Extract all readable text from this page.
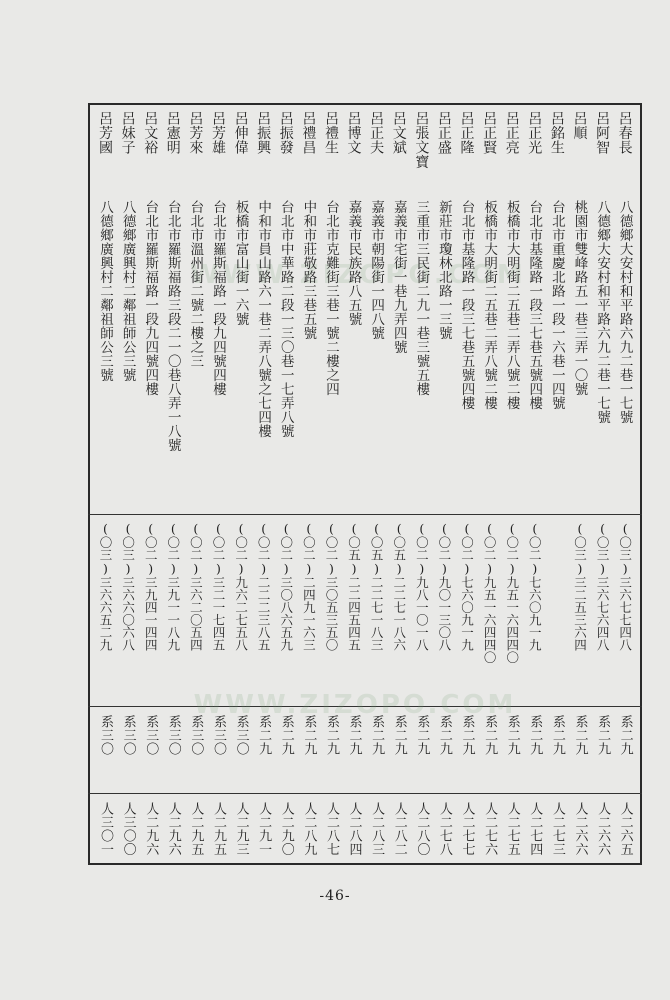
WWW.ZIZOPO.COM
WWW.ZIZOPO.COM
呂春長
八德鄉大安村和平路六九二巷一七號
(〇三)三六七七四八
系二九
人二六五
呂阿智
八德鄉大安村和平路六九二巷一七號
(〇三)三六七六四八
系二九
人二六六
呂順
桃園市雙峰路五一巷三弄一〇號
(〇三)三二五三六四
系二九
人二六六
呂銘生
台北市重慶北路一段一六巷一四號
系二九
人二七三
呂正光
台北市基隆路一段三七巷五號四樓
(〇二)七六〇九一九
系二九
人二七四
呂正亮
板橋市大明街二五巷二弄八號二樓
(〇二)九五一六四四〇
系二九
人二七五
呂正賢
板橋市大明街二五巷二弄八號二樓
(〇二)九五一六四四〇
系二九
人二七六
呂正隆
台北市基隆路一段三七巷五號四樓
(〇二)七六〇九一九
系二九
人二七七
呂正盛
新莊市瓊林北路一三號
(〇二)九〇一三〇八
系二九
人二七八
呂張文寶
三重市三民街二九一巷三號五樓
(〇二)九八一〇一八
系二九
人二八〇
呂文斌
嘉義市宅街一巷九弄四號
(〇五)二二七一八六
系二九
人二八二
呂正夫
嘉義市朝陽街一四八號
(〇五)二二七一八三
系二九
人二八三
呂博文
嘉義市民族路八五號
(〇五)二二四五四五
系二九
人二八四
呂禮生
台北市克難街三巷一號二樓之四
(〇二)三〇五三五〇
系二九
人二八七
呂禮昌
中和市莊敬路三巷五號
(〇二)二四九一六三
系二九
人二八九
呂振發
台北市中華路二段一三〇巷一七弄八號
(〇二)三〇八六五九
系二九
人二九〇
呂振興
中和市員山路六一巷二弄八號之七四樓
(〇二)二二二三八五
系二九
人二九一
呂伸偉
板橋市富山街一六號
(〇二)九六二七五八
系三〇
人二九三
呂芳雄
台北市羅斯福路一段九四號四樓
(〇二)三二一七四五
系三〇
人二九五
呂芳來
台北市溫州街二號二樓之三
(〇二)三六二〇五四
系三〇
人二九五
呂憲明
台北市羅斯福路三段二一〇巷八弄一八號
(〇二)三九一一八九
系三〇
人二九六
呂文裕
台北市羅斯福路一段九四號四樓
(〇二)三九四一四四
系三〇
人二九六
呂妹子
八德鄉廣興村二鄰祖師公三號
(〇三)三六六〇六八
系三〇
人三〇〇
呂芳國
八德鄉廣興村二鄰祖師公三號
(〇三)三六六五二九
系三〇
人三〇一
-46-
